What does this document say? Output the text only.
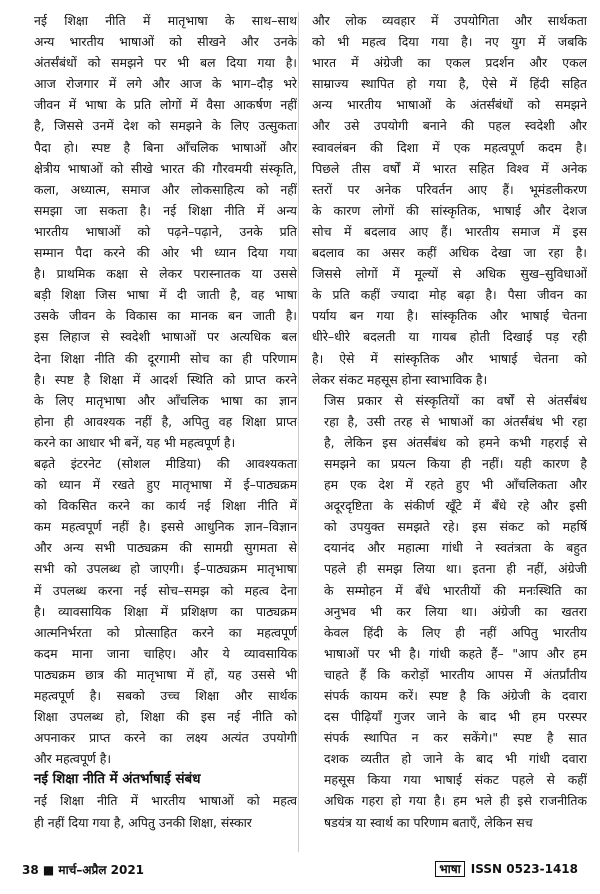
नई शिक्षा नीति में मातृभाषा के साथ–साथ
अन्य भारतीय भाषाओं को सीखने और उनके
अंतर्संबंधों को समझने पर भी बल दिया गया है।
आज रोजगार में लगे और आज के भाग–दौड़ भरे
जीवन में भाषा के प्रति लोगों में वैसा आकर्षण नहीं
है, जिससे उनमें देश को समझने के लिए उत्सुकता
पैदा हो। स्पष्ट है बिना आँचलिक भाषाओं और
क्षेत्रीय भाषाओं को सीखे भारत की गौरवमयी संस्कृति,
कला, अध्यात्म, समाज और लोकसाहित्य को नहीं
समझा जा सकता है। नई शिक्षा नीति में अन्य
भारतीय भाषाओं को पढ़ने–पढ़ाने, उनके प्रति
सम्मान पैदा करने की ओर भी ध्यान दिया गया
है। प्राथमिक कक्षा से लेकर परास्नातक या उससे
बड़ी शिक्षा जिस भाषा में दी जाती है, वह भाषा
उसके जीवन के विकास का मानक बन जाती है।
इस लिहाज से स्वदेशी भाषाओं पर अत्यधिक बल
देना शिक्षा नीति की दूरगामी सोच का ही परिणाम
है। स्पष्ट है शिक्षा में आदर्श स्थिति को प्राप्त करने
के लिए मातृभाषा और आँचलिक भाषा का ज्ञान
होना ही आवश्यक नहीं है, अपितु वह शिक्षा प्राप्त
करने का आधार भी बनें, यह भी महत्वपूर्ण है।

बढ़ते इंटरनेट (सोशल मीडिया) की आवश्यकता
को ध्यान में रखते हुए मातृभाषा में ई–पाठ्यक्रम
को विकसित करने का कार्य नई शिक्षा नीति में
कम महत्वपूर्ण नहीं है। इससे आधुनिक ज्ञान–विज्ञान
और अन्य सभी पाठ्यक्रम की सामग्री सुगमता से
सभी को उपलब्ध हो जाएगी। ई–पाठ्यक्रम मातृभाषा
में उपलब्ध करना नई सोच–समझ को महत्व देना
है। व्यावसायिक शिक्षा में प्रशिक्षण का पाठ्यक्रम
आत्मनिर्भरता को प्रोत्साहित करने का महत्वपूर्ण
कदम माना जाना चाहिए। और ये व्यावसायिक
पाठ्यक्रम छात्र की मातृभाषा में हों, यह उससे भी
महत्वपूर्ण है। सबको उच्च शिक्षा और सार्थक
शिक्षा उपलब्ध हो, शिक्षा की इस नई नीति को
अपनाकर प्राप्त करने का लक्ष्य अत्यंत उपयोगी
और महत्वपूर्ण है।

नई शिक्षा नीति में अंतर्भाषाई संबंध

नई शिक्षा नीति में भारतीय भाषाओं को महत्व
ही नहीं दिया गया है, अपितु उनकी शिक्षा, संस्कार

और लोक व्यवहार में उपयोगिता और सार्थकता
को भी महत्व दिया गया है। नए युग में जबकि
भारत में अंग्रेजी का एकल प्रदर्शन और एकल
साम्राज्य स्थापित हो गया है, ऐसे में हिंदी सहित
अन्य भारतीय भाषाओं के अंतर्संबंधों को समझने
और उसे उपयोगी बनाने की पहल स्वदेशी और
स्वावलंबन की दिशा में एक महत्वपूर्ण कदम है।
पिछले तीस वर्षों में भारत सहित विश्व में अनेक
स्तरों पर अनेक परिवर्तन आए हैं। भूमंडलीकरण
के कारण लोगों की सांस्कृतिक, भाषाई और देशज
सोच में बदलाव आए हैं। भारतीय समाज में इस
बदलाव का असर कहीं अधिक देखा जा रहा है।
जिससे लोगों में मूल्यों से अधिक सुख–सुविधाओं
के प्रति कहीं ज्यादा मोह बढ़ा है। पैसा जीवन का
पर्याय बन गया है। सांस्कृतिक और भाषाई चेतना
धीरे–धीरे बदलती या गायब होती दिखाई पड़ रही
है। ऐसे में सांस्कृतिक और भाषाई चेतना को
लेकर संकट महसूस होना स्वाभाविक है।

जिस प्रकार से संस्कृतियों का वर्षों से अंतर्संबंध
रहा है, उसी तरह से भाषाओं का अंतर्संबंध भी रहा
है, लेकिन इस अंतर्संबंध को हमने कभी गहराई से
समझने का प्रयत्न किया ही नहीं। यही कारण है
हम एक देश में रहते हुए भी आँचलिकता और
अदूरदृष्टिता के संकीर्ण खूँटे में बँधे रहे और इसी
को उपयुक्त समझते रहे। इस संकट को महर्षि
दयानंद और महात्मा गांधी ने स्वतंत्रता के बहुत
पहले ही समझ लिया था। इतना ही नहीं, अंग्रेजी
के सम्मोहन में बँधे भारतीयों की मनःस्थिति का
अनुभव भी कर लिया था। अंग्रेजी का खतरा
केवल हिंदी के लिए ही नहीं अपितु भारतीय
भाषाओं पर भी है। गांधी कहते हैं– "आप और हम
चाहते हैं कि करोड़ों भारतीय आपस में अंतर्प्रांतीय
संपर्क कायम करें। स्पष्ट है कि अंग्रेजी के दवारा
दस पीढ़ियाँ गुजर जाने के बाद भी हम परस्पर
संपर्क स्थापित न कर सकेंगे।" स्पष्ट है सात
दशक व्यतीत हो जाने के बाद भी गांधी दवारा
महसूस किया गया भाषाई संकट पहले से कहीं
अधिक गहरा हो गया है। हम भले ही इसे राजनीतिक
षडयंत्र या स्वार्थ का परिणाम बताएँ, लेकिन सच

38 ■ मार्च–अप्रैल 2021	भाषा ISSN 0523-1418
